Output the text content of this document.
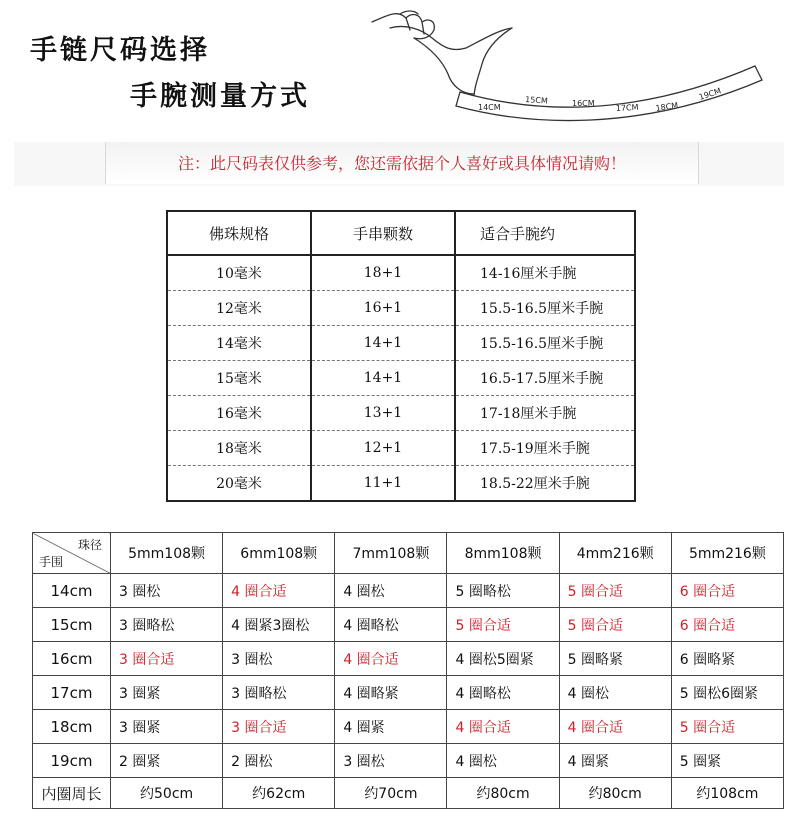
手链尺码选择
手腕测量方式	14CM
15CM	16CM	17CM 18CM
19CM
注：此尺码表仅供参考，您还需依据个人喜好或具体情况请购！
佛珠规格	手串颗数	适合手腕约
10毫米	18+1	14-16厘米手腕
12毫米	16+1	15.5-16.5厘米手腕
14毫米	14+1	15.5-16.5厘米手腕
15毫米	14+1	16.5-17.5厘米手腕
16毫米	13+1	17-18厘米手腕
18毫米	12+1	17.5-19厘米手腕
20毫米	11+1	18.5-22厘米手腕
珠径
手围	5mm108颗	6mm108颗	7mm108颗	8mm108颗	4mm216颗	5mm216颗
14cm	3 圈松	4 圈合适	4 圈松	5 圈略松	5 圈合适	6 圈合适
15cm	3 圈略松	4 圈紧3圈松	4 圈略松	5 圈合适	5 圈合适	6 圈合适
16cm	3 圈合适	3 圈松	4 圈合适	4 圈松5圈紧	5 圈略紧	6 圈略紧
17cm	3 圈紧	3 圈略松	4 圈略紧	4 圈略松	4 圈松	5 圈松6圈紧
18cm	3 圈紧	3 圈合适	4 圈紧	4 圈合适	4 圈合适	5 圈合适
19cm	2 圈紧	2 圈松	3 圈松	4 圈松	4 圈紧	5 圈紧
内圈周长	约50cm	约62cm	约70cm	约80cm	约80cm	约108cm
